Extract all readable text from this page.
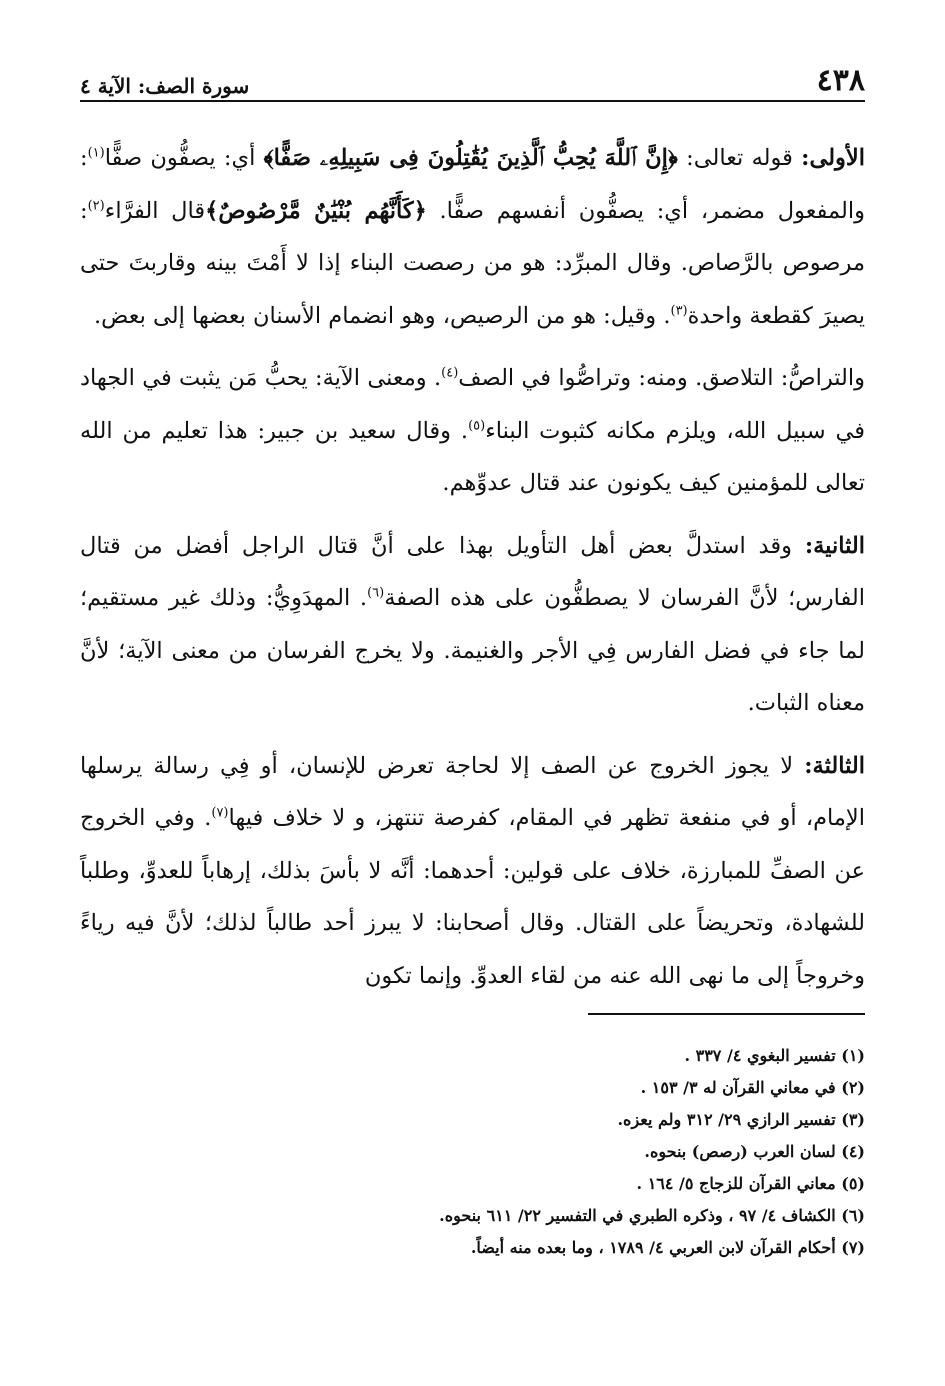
٤٣٨
سورة الصف: الآية ٤

الأولى: قوله تعالى: ﴿إِنَّ ٱللَّهَ يُحِبُّ ٱلَّذِينَ يُقَٰتِلُونَ فِى سَبِيلِهِۦ صَفًّا﴾ أي: يصفُّون صفًّا$^{(١)}$: والمفعول مضمر، أي: يصفُّون أنفسهم صفًّا. ﴿كَأَنَّهُم بُنْيَٰنٌ مَّرْصُوصٌ﴾قال الفرَّاء$^{(٢)}$: مرصوص بالرَّصاص. وقال المبرِّد: هو من رصصت البناء إذا لا أَمْتَ بينه وقاربتَ حتى يصيرَ كقطعة واحدة$^{(٣)}$. وقيل: هو من الرصيص، وهو انضمام الأسنان بعضها إلى بعض.

والتراصُّ: التلاصق. ومنه: وتراصُّوا في الصف$^{(٤)}$. ومعنى الآية: يحبُّ مَن يثبت في الجهاد في سبيل الله، ويلزم مكانه كثبوت البناء$^{(٥)}$. وقال سعيد بن جبير: هذا تعليم من الله تعالى للمؤمنين كيف يكونون عند قتال عدوِّهم.

الثانية: وقد استدلَّ بعض أهل التأويل بهذا على أنَّ قتال الراجل أفضل من قتال الفارس؛ لأنَّ الفرسان لا يصطفُّون على هذه الصفة$^{(٦)}$. المهدَوِيُّ: وذلك غير مستقيم؛ لما جاء في فضل الفارس فِي الأجر والغنيمة. ولا يخرج الفرسان من معنى الآية؛ لأنَّ معناه الثبات.

الثالثة: لا يجوز الخروج عن الصف إلا لحاجة تعرض للإنسان، أو فِي رسالة يرسلها الإمام، أو في منفعة تظهر في المقام، كفرصة تنتهز، و لا خلاف فيها$^{(٧)}$. وفي الخروج عن الصفِّ للمبارزة، خلاف على قولين: أحدهما: أنَّه لا بأسَ بذلك، إرهاباً للعدوِّ، وطلباً للشهادة، وتحريضاً على القتال. وقال أصحابنا: لا يبرز أحد طالباً لذلك؛ لأنَّ فيه رياءً وخروجاً إلى ما نهى الله عنه من لقاء العدوِّ. وإنما تكون

(١) تفسير البغوي ٤/ ٣٣٧ .
(٢) في معاني القرآن له ٣/ ١٥٣ .
(٣) تفسير الرازي ٢٩/ ٣١٢ ولم يعزه.
(٤) لسان العرب (رصص) بنحوه.
(٥) معاني القرآن للزجاج ٥/ ١٦٤ .
(٦) الكشاف ٤/ ٩٧ ، وذكره الطبري في التفسير ٢٢/ ٦١١ بنحوه.
(٧) أحكام القرآن لابن العربي ٤/ ١٧٨٩ ، وما بعده منه أيضاً.
